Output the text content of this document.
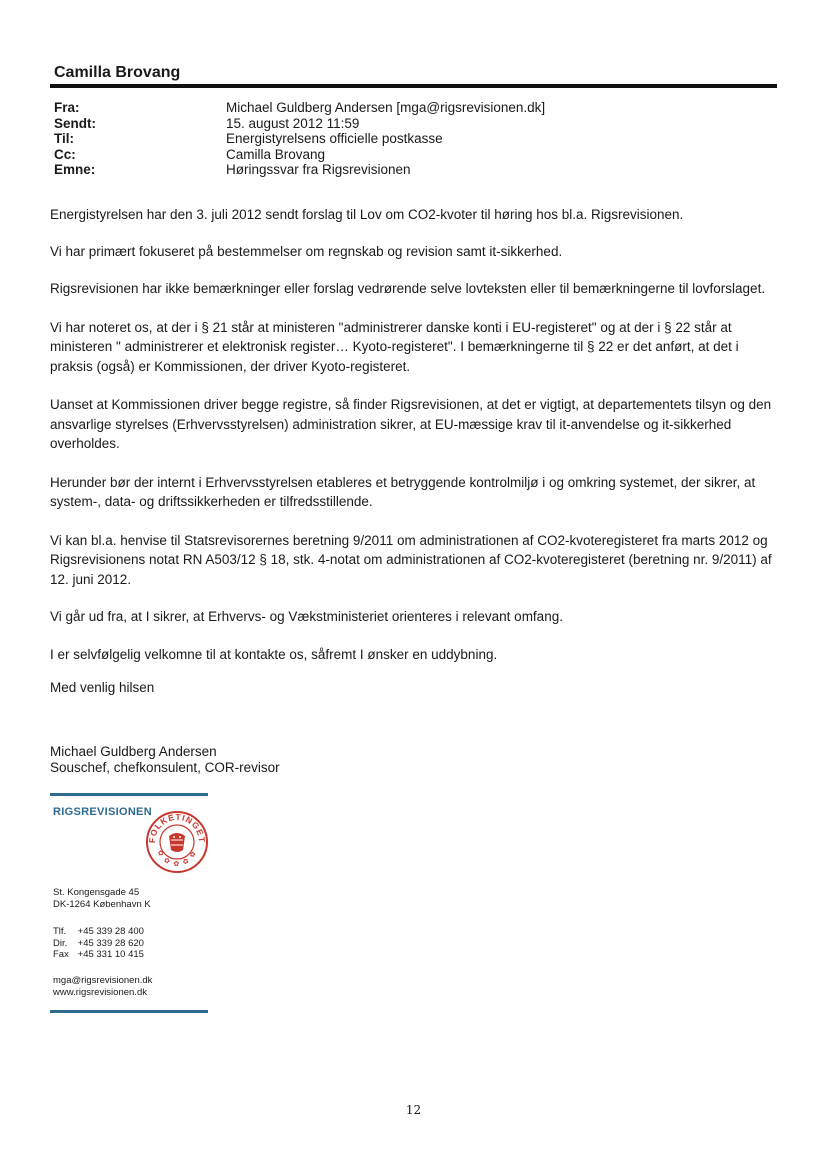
Camilla Brovang
Fra:	Michael Guldberg Andersen [mga@rigsrevisionen.dk]
Sendt:	15. august 2012 11:59
Til:	Energistyrelsens officielle postkasse
Cc:	Camilla Brovang
Emne:	Høringssvar fra Rigsrevisionen

Energistyrelsen har den 3. juli 2012 sendt forslag til Lov om CO2-kvoter til høring hos bl.a. Rigsrevisionen.

Vi har primært fokuseret på bestemmelser om regnskab og revision samt it-sikkerhed.

Rigsrevisionen har ikke bemærkninger eller forslag vedrørende selve lovteksten eller til bemærkningerne til lovforslaget.

Vi har noteret os, at der i § 21 står at ministeren "administrerer danske konti i EU-registeret" og at der i § 22 står at ministeren " administrerer et elektronisk register… Kyoto-registeret". I bemærkningerne til § 22 er det anført, at det i praksis (også) er Kommissionen, der driver Kyoto-registeret.

Uanset at Kommissionen driver begge registre, så finder Rigsrevisionen, at det er vigtigt, at departementets tilsyn og den ansvarlige styrelses (Erhvervsstyrelsen) administration sikrer, at EU-mæssige krav til it-anvendelse og it-sikkerhed overholdes.

Herunder bør der internt i Erhvervsstyrelsen etableres et betryggende kontrolmiljø i og omkring systemet, der sikrer, at system-, data- og driftssikkerheden er tilfredsstillende.

Vi kan bl.a. henvise til Statsrevisorernes beretning 9/2011 om administrationen af CO2-kvoteregisteret fra marts 2012 og Rigsrevisionens notat RN A503/12 § 18, stk. 4-notat om administrationen af CO2-kvoteregisteret (beretning nr. 9/2011) af 12. juni 2012.

Vi går ud fra, at I sikrer, at Erhvervs- og Vækstministeriet orienteres i relevant omfang.

I er selvfølgelig velkomne til at kontakte os, såfremt I ønsker en uddybning.

Med venlig hilsen

Michael Guldberg Andersen
Souschef, chefkonsulent, COR-revisor
RIGSREVISIONEN
FOLKETINGET
✿ ✿ ✿ ✿ ✿
St. Kongensgade 45
DK-1264 København K
Tlf. +45 339 28 400
Dir. +45 339 28 620
Fax +45 331 10 415
mga@rigsrevisionen.dk
www.rigsrevisionen.dk
12
